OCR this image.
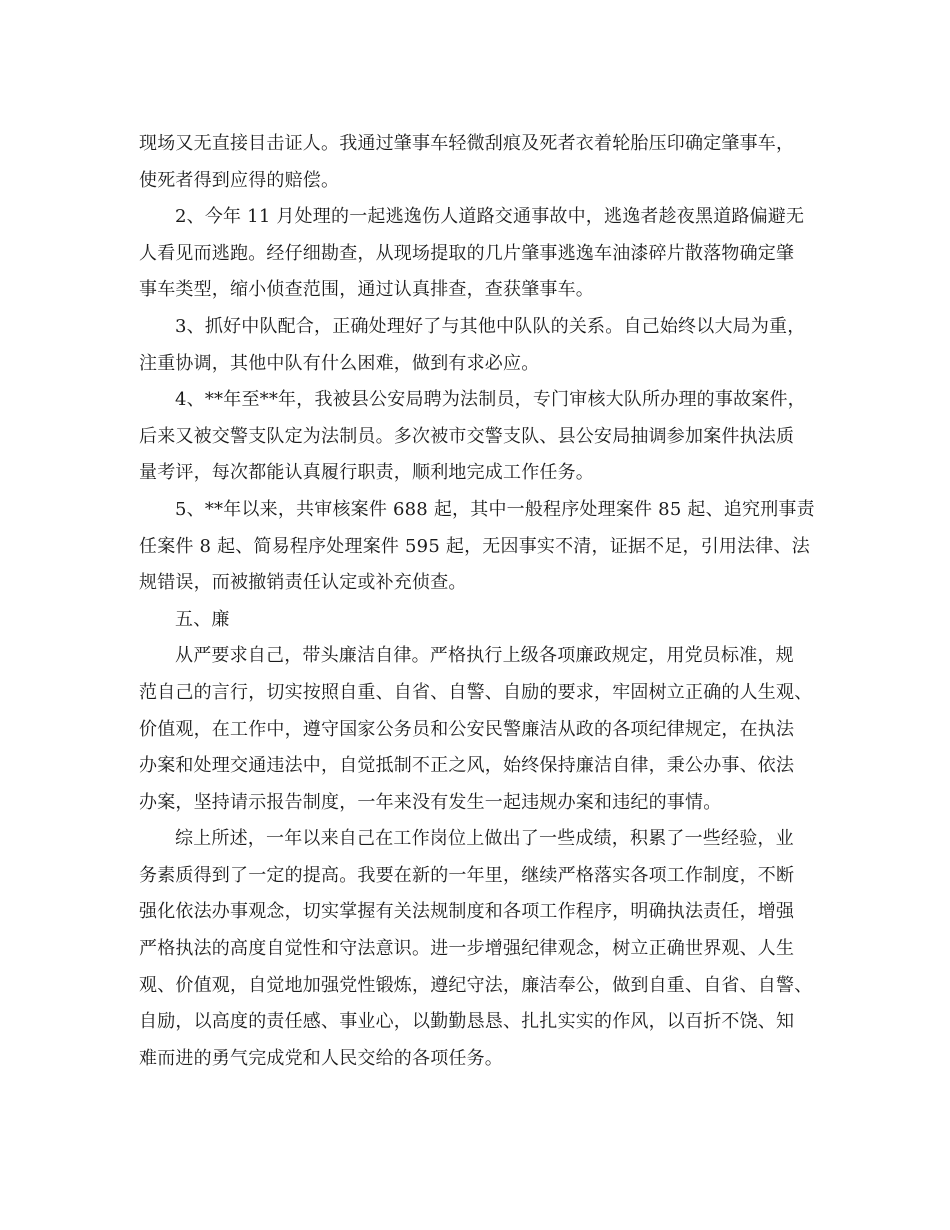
现场又无直接目击证人。我通过肇事车轻微刮痕及死者衣着轮胎压印确定肇事车，
使死者得到应得的赔偿。
2、今年 11 月处理的一起逃逸伤人道路交通事故中，逃逸者趁夜黑道路偏避无
人看见而逃跑。经仔细勘查，从现场提取的几片肇事逃逸车油漆碎片散落物确定肇
事车类型，缩小侦查范围，通过认真排查，查获肇事车。
3、抓好中队配合，正确处理好了与其他中队队的关系。自己始终以大局为重，
注重协调，其他中队有什么困难，做到有求必应。
4、**年至**年，我被县公安局聘为法制员，专门审核大队所办理的事故案件，
后来又被交警支队定为法制员。多次被市交警支队、县公安局抽调参加案件执法质
量考评，每次都能认真履行职责，顺利地完成工作任务。
5、**年以来，共审核案件 688 起，其中一般程序处理案件 85 起、追究刑事责
任案件 8 起、简易程序处理案件 595 起，无因事实不清，证据不足，引用法律、法
规错误，而被撤销责任认定或补充侦查。
五、廉
从严要求自己，带头廉洁自律。严格执行上级各项廉政规定，用党员标准，规
范自己的言行，切实按照自重、自省、自警、自励的要求，牢固树立正确的人生观、
价值观，在工作中，遵守国家公务员和公安民警廉洁从政的各项纪律规定，在执法
办案和处理交通违法中，自觉抵制不正之风，始终保持廉洁自律，秉公办事、依法
办案，坚持请示报告制度，一年来没有发生一起违规办案和违纪的事情。
综上所述，一年以来自己在工作岗位上做出了一些成绩，积累了一些经验，业
务素质得到了一定的提高。我要在新的一年里，继续严格落实各项工作制度，不断
强化依法办事观念，切实掌握有关法规制度和各项工作程序，明确执法责任，增强
严格执法的高度自觉性和守法意识。进一步增强纪律观念，树立正确世界观、人生
观、价值观，自觉地加强党性锻炼，遵纪守法，廉洁奉公，做到自重、自省、自警、
自励，以高度的责任感、事业心，以勤勤恳恳、扎扎实实的作风，以百折不饶、知
难而进的勇气完成党和人民交给的各项任务。
